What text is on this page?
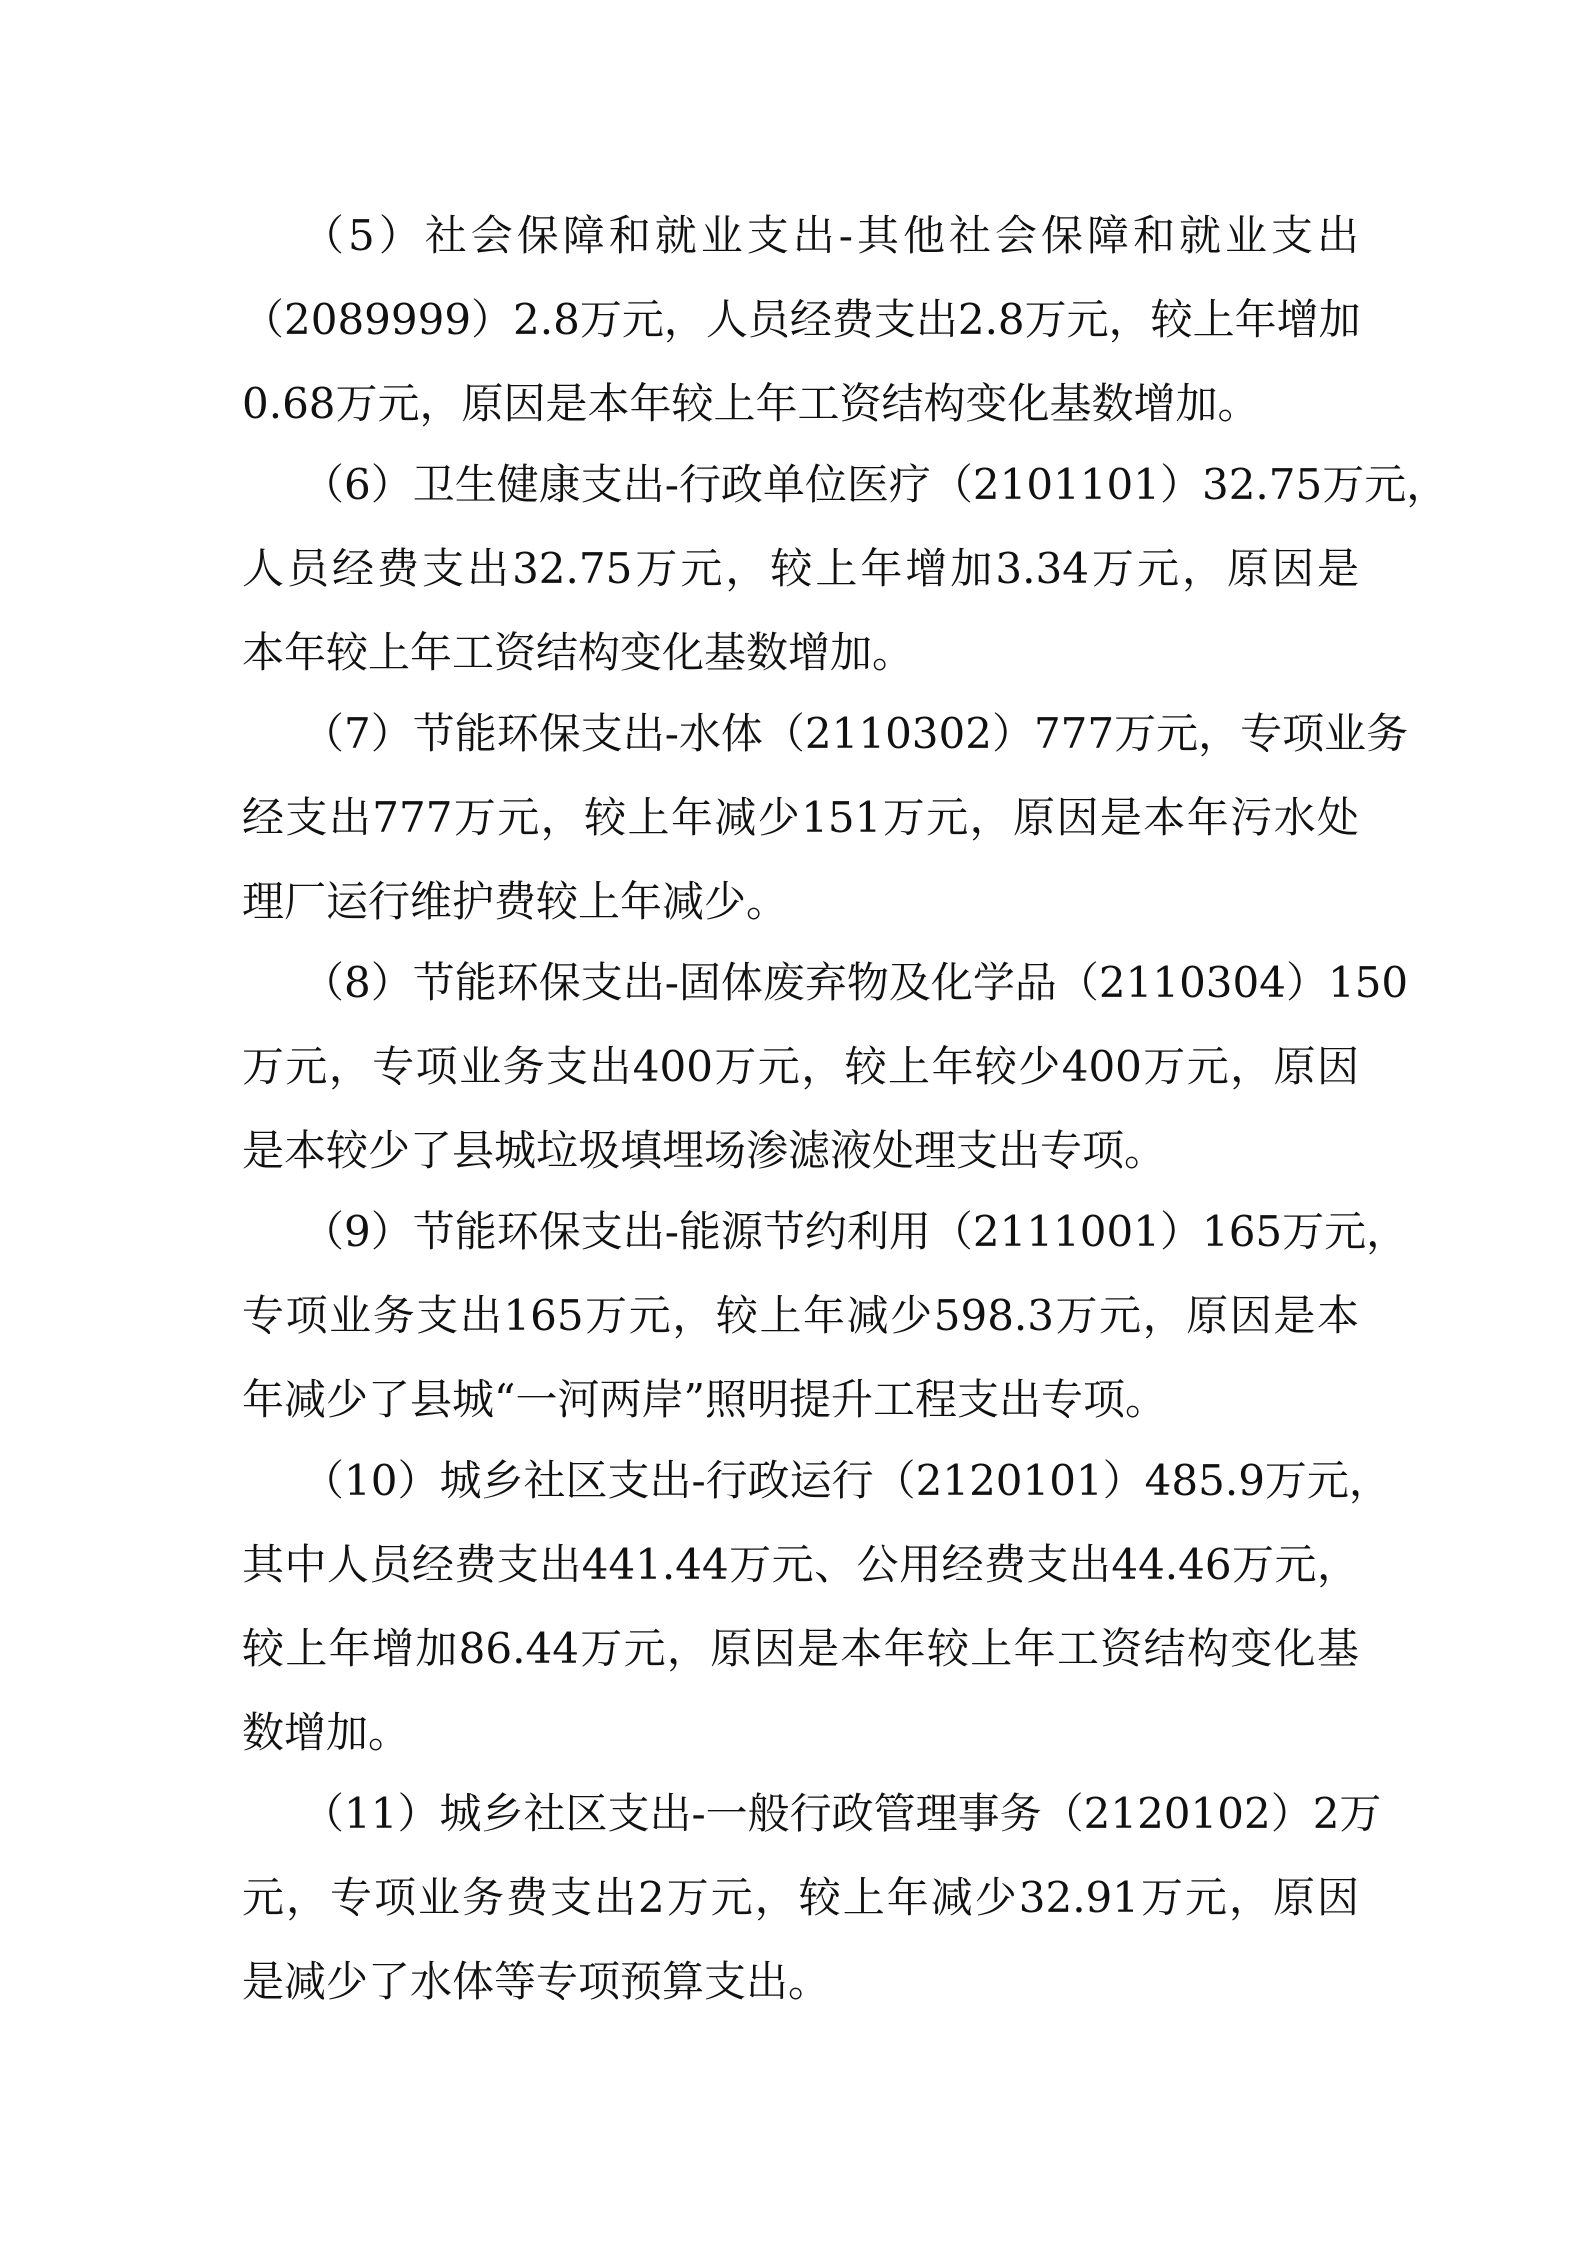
（5）社会保障和就业支出-其他社会保障和就业支出
（2089999）2.8万元，人员经费支出2.8万元，较上年增加
0.68万元，原因是本年较上年工资结构变化基数增加。
（6）卫生健康支出-行政单位医疗（2101101）32.75万元，
人员经费支出32.75万元，较上年增加3.34万元，原因是
本年较上年工资结构变化基数增加。
（7）节能环保支出-水体（2110302）777万元，专项业务
经支出777万元，较上年减少151万元，原因是本年污水处
理厂运行维护费较上年减少。
（8）节能环保支出-固体废弃物及化学品（2110304）150
万元，专项业务支出400万元，较上年较少400万元，原因
是本较少了县城垃圾填埋场渗滤液处理支出专项。
（9）节能环保支出-能源节约利用（2111001）165万元，
专项业务支出165万元，较上年减少598.3万元，原因是本
年减少了县城“一河两岸”照明提升工程支出专项。
（10）城乡社区支出-行政运行（2120101）485.9万元，
其中人员经费支出441.44万元、公用经费支出44.46万元，
较上年增加86.44万元，原因是本年较上年工资结构变化基
数增加。
（11）城乡社区支出-一般行政管理事务（2120102）2万
元，专项业务费支出2万元，较上年减少32.91万元，原因
是减少了水体等专项预算支出。
